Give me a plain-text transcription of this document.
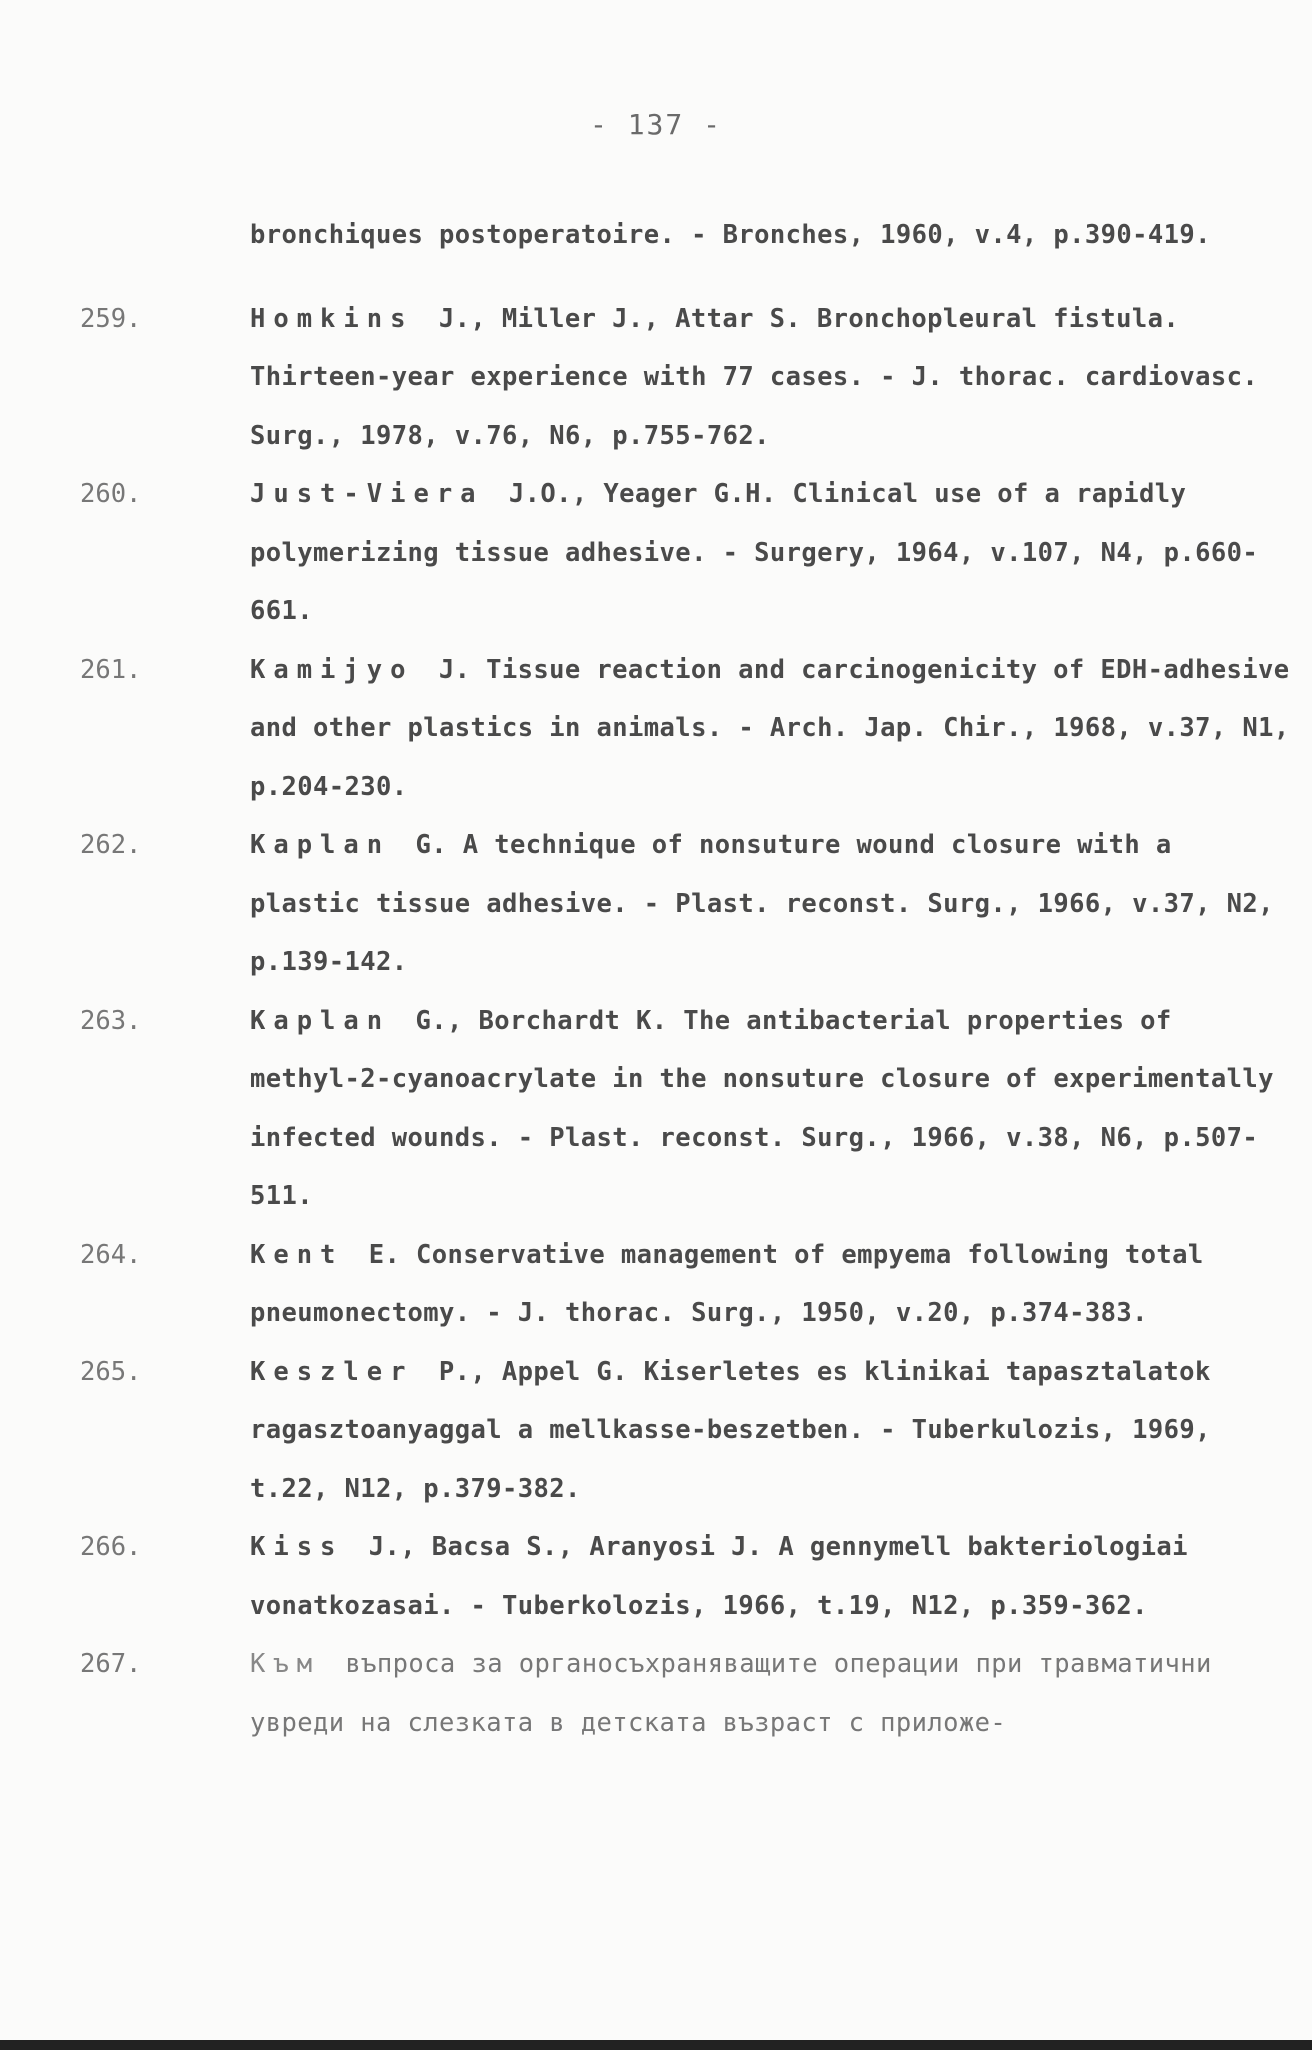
- 137 -

bronchiques postoperatoire. - Bronches, 1960, v.4, p.390-419.

259.	Homkins J., Miller J., Attar S. Bronchopleural fistula. Thirteen-year experience with 77 cases. - J. thorac. cardiovasc. Surg., 1978, v.76, N6, p.755-762.

260.	Just-Viera J.O., Yeager G.H. Clinical use of a rapidly polymerizing tissue adhesive. - Surgery, 1964, v.107, N4, p.660-661.

261.	Kamijyo J. Tissue reaction and carcinogenicity of EDH-adhesive and other plastics in animals. - Arch. Jap. Chir., 1968, v.37, N1, p.204-230.

262.	Kaplan G. A technique of nonsuture wound closure with a plastic tissue adhesive. - Plast. reconst. Surg., 1966, v.37, N2, p.139-142.

263.	Kaplan G., Borchardt K. The antibacterial properties of methyl-2-cyanoacrylate in the nonsuture closure of experimentally infected wounds. - Plast. reconst. Surg., 1966, v.38, N6, p.507-511.

264.	Kent E. Conservative management of empyema following total pneumonectomy. - J. thorac. Surg., 1950, v.20, p.374-383.

265.	Keszler P., Appel G. Kiserletes es klinikai tapasztalatok ragasztoanyaggal a mellkasse-beszetben. - Tuberkulozis, 1969, t.22, N12, p.379-382.

266.	Kiss J., Bacsa S., Aranyosi J. A gennymell bakteriologiai vonatkozasai. - Tuberkolozis, 1966, t.19, N12, p.359-362.

267.	Към въпроса за органосъхраняващите операции при травматични увреди на слезката в детската възраст с приложе-
